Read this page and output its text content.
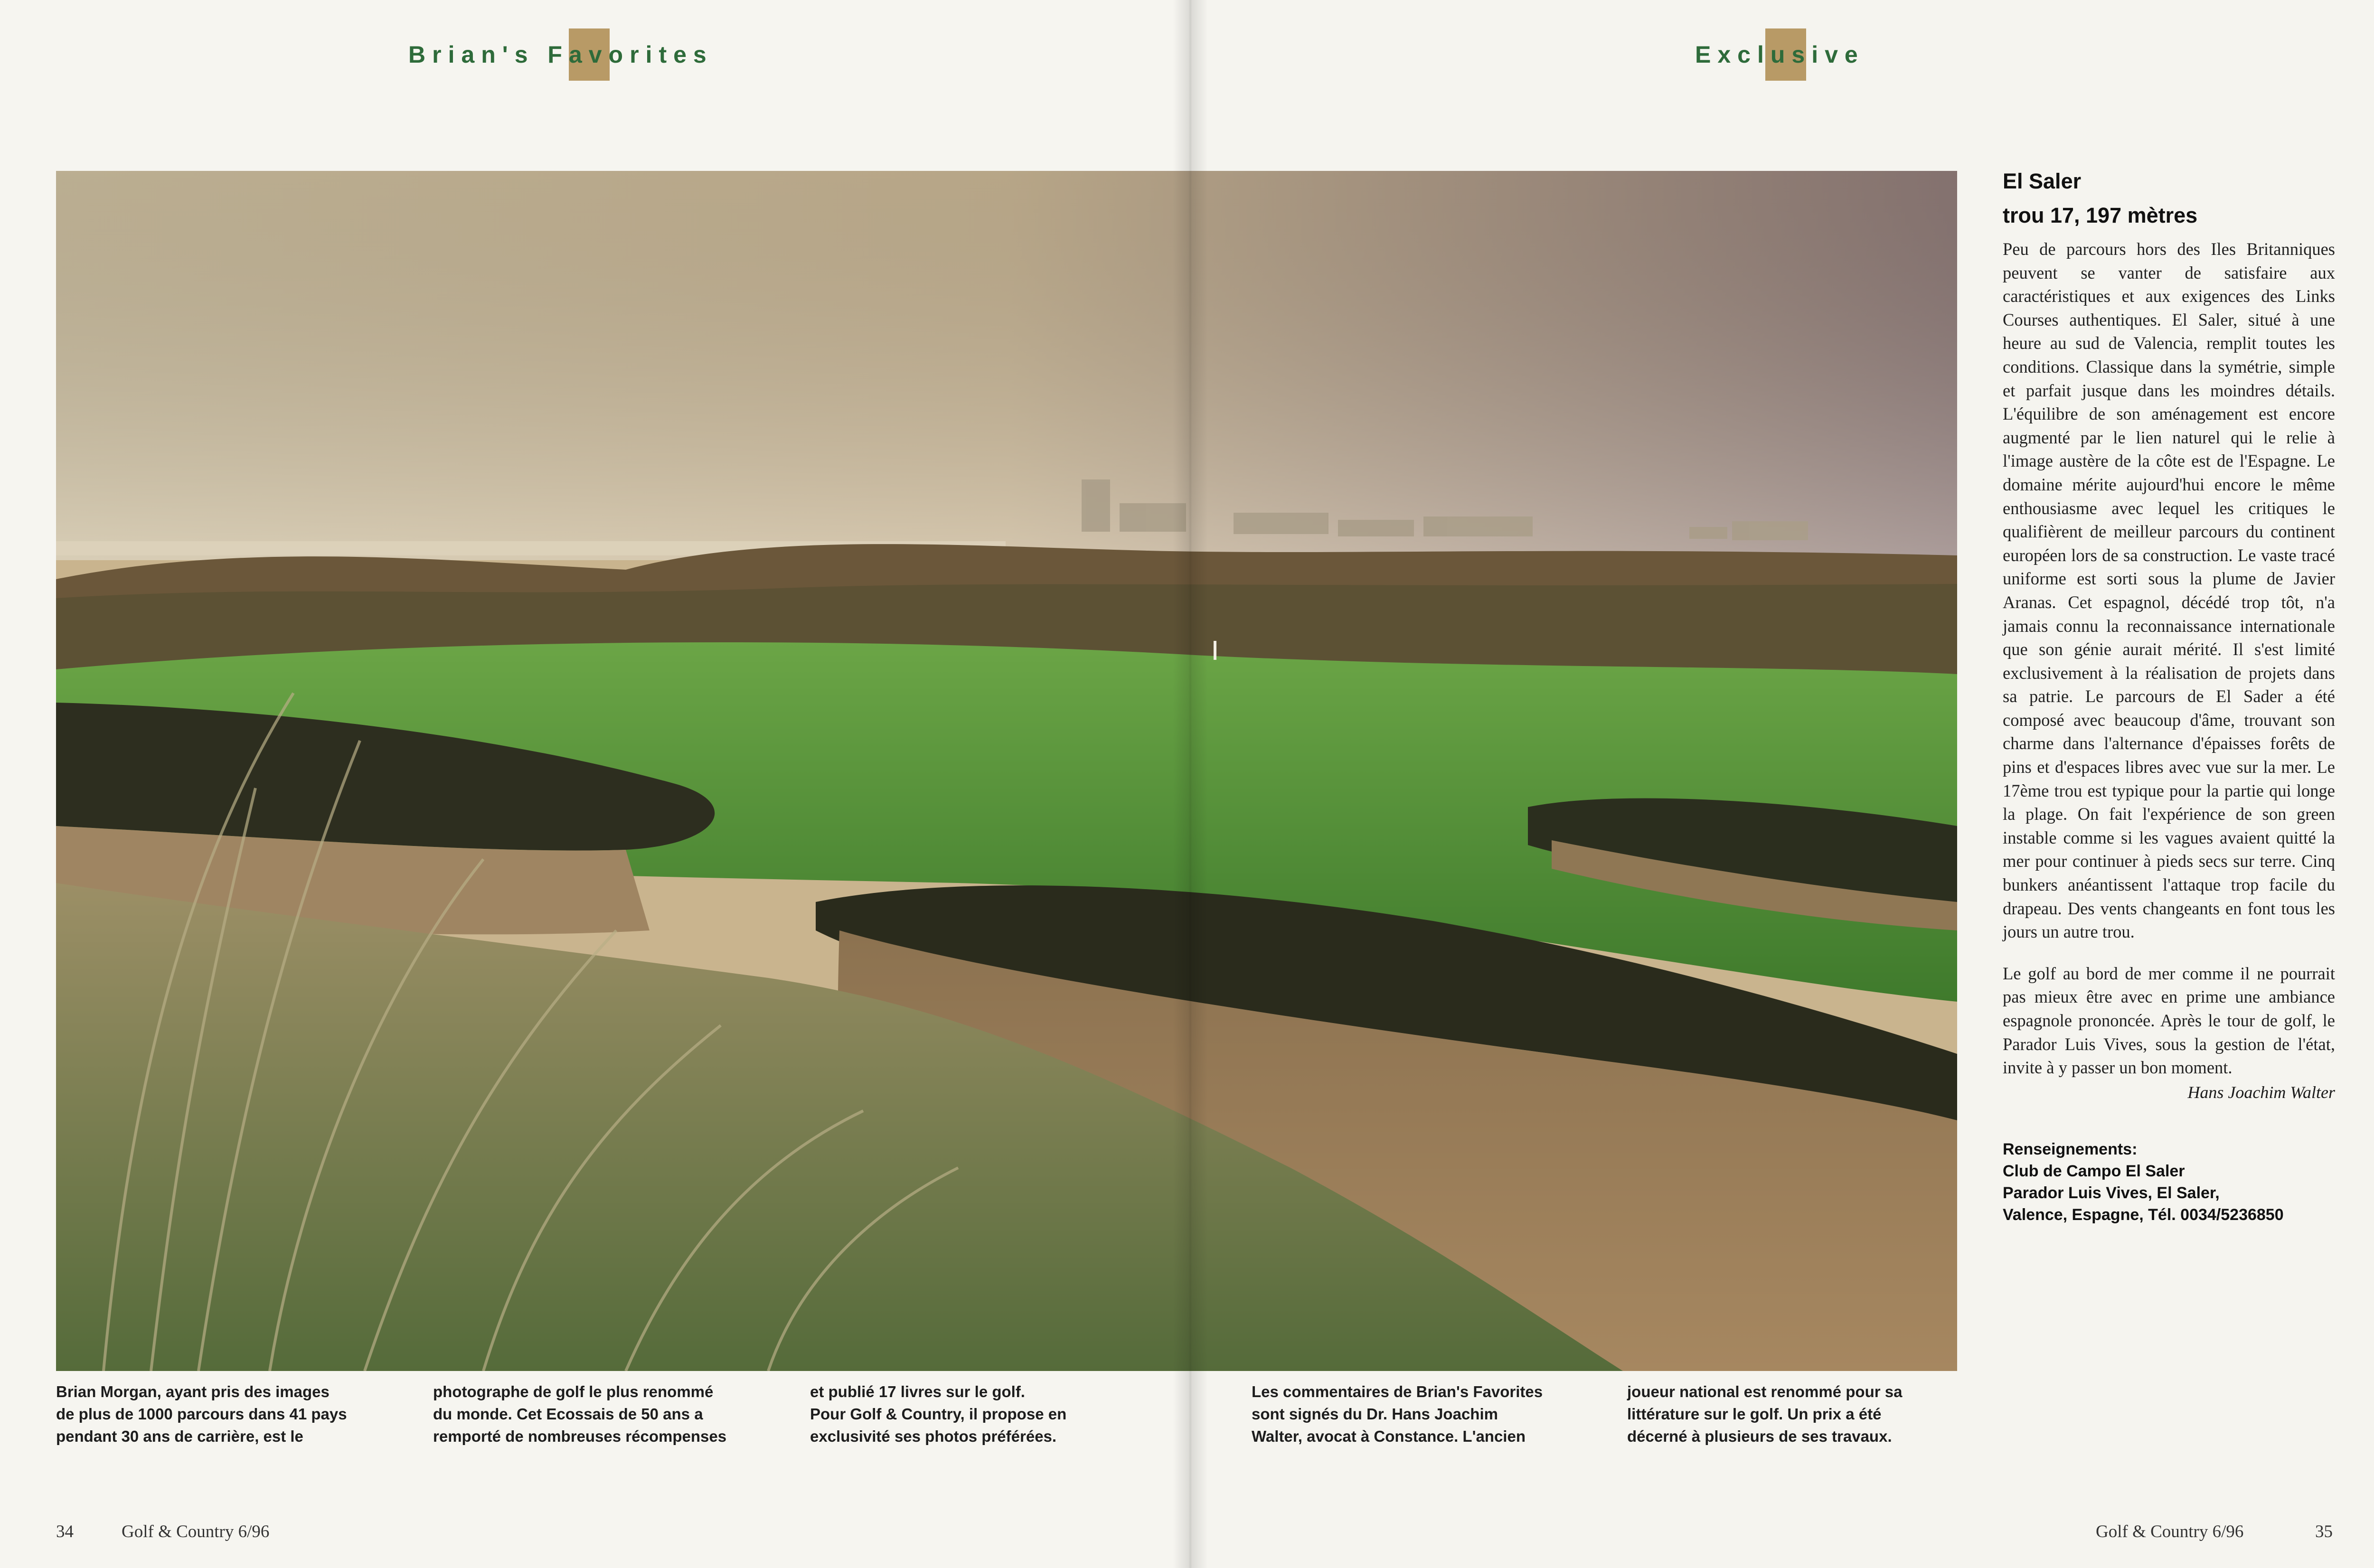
Brian's Favorites	Exclusive
El Saler
trou 17, 197 mètres

Peu de parcours hors des Iles Britanniques peuvent se vanter de satisfaire aux caractéristiques et aux exigences des Links Courses authentiques. El Saler, situé à une heure au sud de Valencia, remplit toutes les conditions. Classique dans la symétrie, simple et parfait jusque dans les moindres détails. L'équilibre de son aménagement est encore augmenté par le lien naturel qui le relie à l'image austère de la côte est de l'Espagne. Le domaine mérite aujourd'hui encore le même enthousiasme avec lequel les critiques le qualifièrent de meilleur parcours du continent européen lors de sa construction. Le vaste tracé uniforme est sorti sous la plume de Javier Aranas. Cet espagnol, décédé trop tôt, n'a jamais connu la reconnaissance internationale que son génie aurait mérité. Il s'est limité exclusivement à la réalisation de projets dans sa patrie. Le parcours de El Sader a été composé avec beaucoup d'âme, trouvant son charme dans l'alternance d'épaisses forêts de pins et d'espaces libres avec vue sur la mer. Le 17ème trou est typique pour la partie qui longe la plage. On fait l'expérience de son green instable comme si les vagues avaient quitté la mer pour continuer à pieds secs sur terre. Cinq bunkers anéantissent l'attaque trop facile du drapeau. Des vents changeants en font tous les jours un autre trou.

Le golf au bord de mer comme il ne pourrait pas mieux être avec en prime une ambiance espagnole prononcée. Après le tour de golf, le Parador Luis Vives, sous la gestion de l'état, invite à y passer un bon moment.

Hans Joachim Walter
Renseignements:
Club de Campo El Saler
Parador Luis Vives, El Saler,
Valence, Espagne, Tél. 0034/5236850
Brian Morgan, ayant pris des images
de plus de 1000 parcours dans 41 pays
pendant 30 ans de carrière, est le
photographe de golf le plus renommé
du monde. Cet Ecossais de 50 ans a
remporté de nombreuses récompenses
et publié 17 livres sur le golf.
Pour Golf & Country, il propose en
exclusivité ses photos préférées.
Les commentaires de Brian's Favorites
sont signés du Dr. Hans Joachim
Walter, avocat à Constance. L'ancien
joueur national est renommé pour sa
littérature sur le golf. Un prix a été
décerné à plusieurs de ses travaux.
34	Golf & Country 6/96	Golf & Country 6/96	35
